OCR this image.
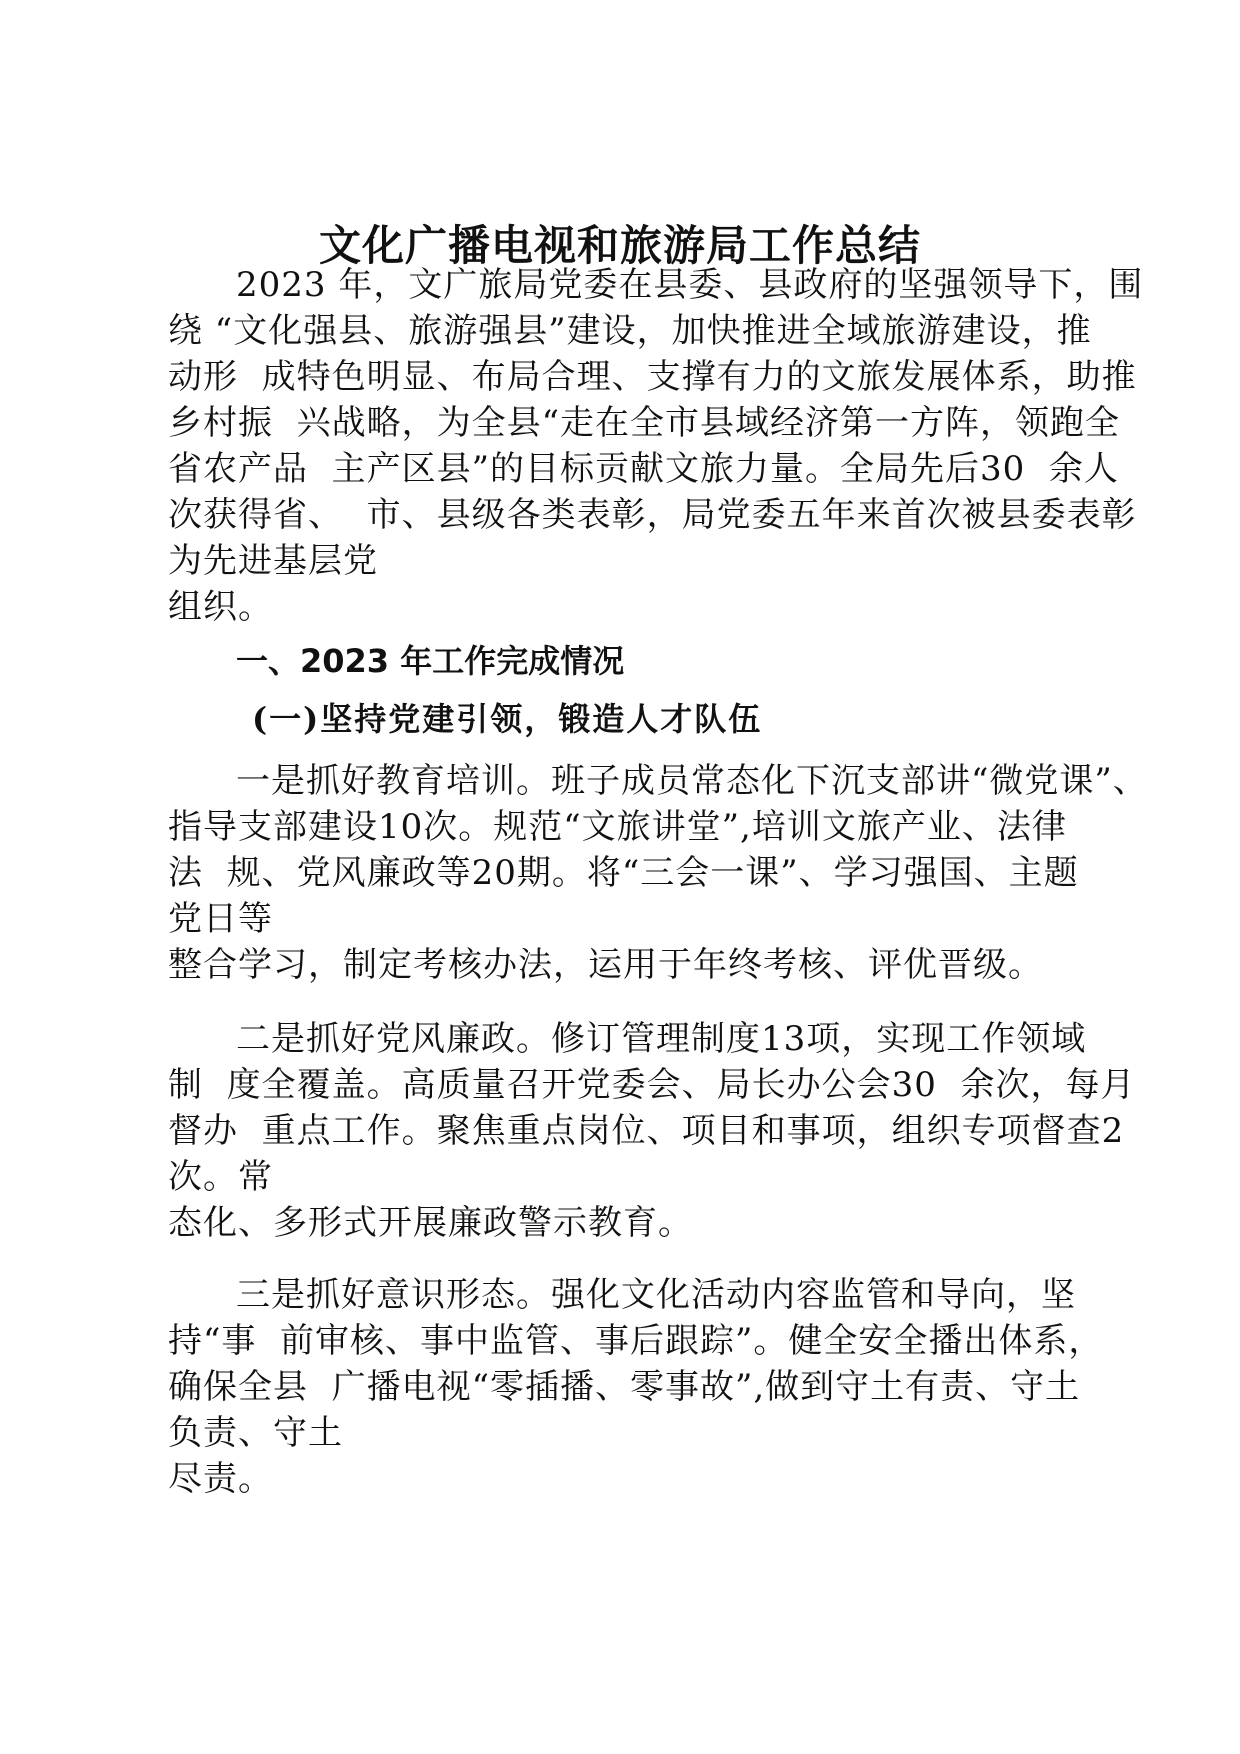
文化广播电视和旅游局工作总结
2023 年，文广旅局党委在县委、县政府的坚强领导下，围
绕 “文化强县、旅游强县”建设，加快推进全域旅游建设，推
动形  成特色明显、布局合理、支撑有力的文旅发展体系，助推
乡村振  兴战略，为全县“走在全市县域经济第一方阵，领跑全
省农产品  主产区县”的目标贡献文旅力量。全局先后30  余人
次获得省、  市、县级各类表彰，局党委五年来首次被县委表彰
为先进基层党
组织。
一、2023 年工作完成情况
(一)坚持党建引领，锻造人才队伍
一是抓好教育培训。班子成员常态化下沉支部讲“微党课”、
指导支部建设10次。规范“文旅讲堂”,培训文旅产业、法律
法  规、党风廉政等20期。将“三会一课”、学习强国、主题
党日等
整合学习，制定考核办法，运用于年终考核、评优晋级。
二是抓好党风廉政。修订管理制度13项，实现工作领域
制  度全覆盖。高质量召开党委会、局长办公会30  余次，每月
督办  重点工作。聚焦重点岗位、项目和事项，组织专项督查2
次。常
态化、多形式开展廉政警示教育。
三是抓好意识形态。强化文化活动内容监管和导向，坚
持“事  前审核、事中监管、事后跟踪”。健全安全播出体系，
确保全县  广播电视“零插播、零事故”,做到守土有责、守土
负责、守土
尽责。
